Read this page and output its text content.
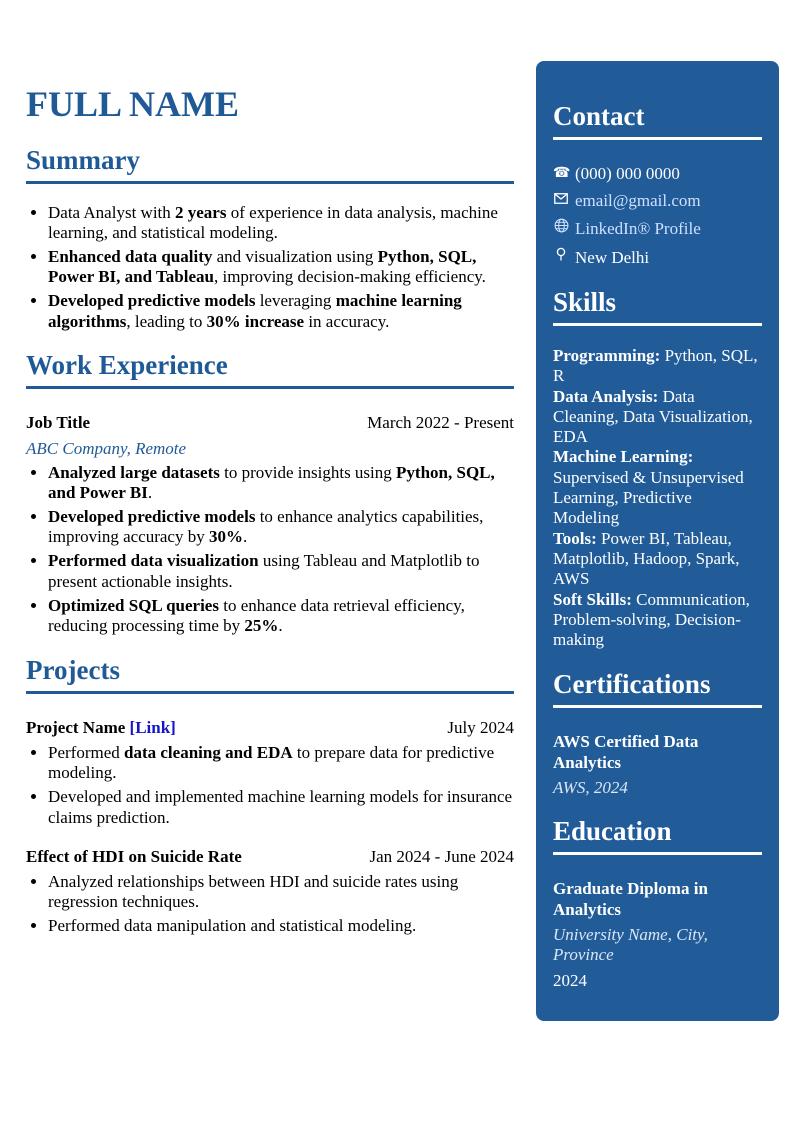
FULL NAME
Summary
• Data Analyst with 2 years of experience in data analysis, machine learning, and statistical modeling.
• Enhanced data quality and visualization using Python, SQL, Power BI, and Tableau, improving decision-making efficiency.
• Developed predictive models leveraging machine learning algorithms, leading to 30% increase in accuracy.
Work Experience
Job Title	March 2022 - Present
ABC Company, Remote
• Analyzed large datasets to provide insights using Python, SQL, and Power BI.
• Developed predictive models to enhance analytics capabilities, improving accuracy by 30%.
• Performed data visualization using Tableau and Matplotlib to present actionable insights.
• Optimized SQL queries to enhance data retrieval efficiency, reducing processing time by 25%.
Projects
Project Name [Link]	July 2024
• Performed data cleaning and EDA to prepare data for predictive modeling.
• Developed and implemented machine learning models for insurance claims prediction.
Effect of HDI on Suicide Rate	Jan 2024 - June 2024
• Analyzed relationships between HDI and suicide rates using regression techniques.
• Performed data manipulation and statistical modeling.
Contact
☎ (000) 000 0000
email@gmail.com
LinkedIn® Profile
New Delhi
Skills
Programming: Python, SQL, R
Data Analysis: Data Cleaning, Data Visualization, EDA
Machine Learning: Supervised & Unsupervised Learning, Predictive Modeling
Tools: Power BI, Tableau, Matplotlib, Hadoop, Spark, AWS
Soft Skills: Communication, Problem-solving, Decision-making
Certifications
AWS Certified Data Analytics
AWS, 2024
Education
Graduate Diploma in Analytics
University Name, City, Province
2024
